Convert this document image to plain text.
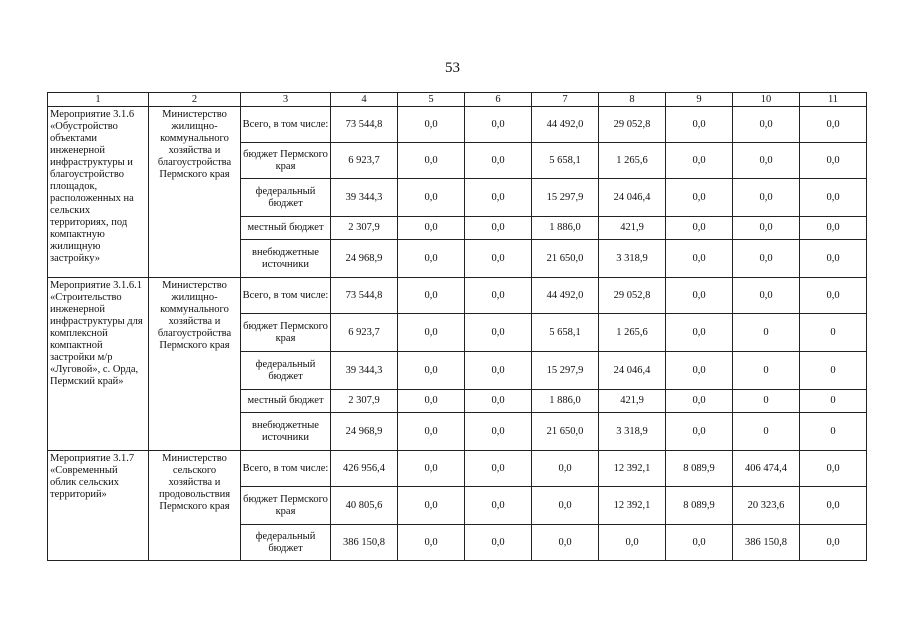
53
1	2	3	4	5	6	7	8	9	10	11
Мероприятие 3.1.6 «Обустройство объектами инженерной инфраструктуры и благоустройство площадок, расположенных на сельских территориях, под компактную жилищную застройку»	Министерство жилищно-коммунального хозяйства и благоустройства Пермского края	Всего, в том числе:	73 544,8	0,0	0,0	44 492,0	29 052,8	0,0	0,0	0,0
		бюджет Пермского края	6 923,7	0,0	0,0	5 658,1	1 265,6	0,0	0,0	0,0
		федеральный бюджет	39 344,3	0,0	0,0	15 297,9	24 046,4	0,0	0,0	0,0
		местный бюджет	2 307,9	0,0	0,0	1 886,0	421,9	0,0	0,0	0,0
		внебюджетные источники	24 968,9	0,0	0,0	21 650,0	3 318,9	0,0	0,0	0,0
Мероприятие 3.1.6.1 «Строительство инженерной инфраструктуры для комплексной компактной застройки м/р «Луговой», с. Орда, Пермский край»	Министерство жилищно-коммунального хозяйства и благоустройства Пермского края	Всего, в том числе:	73 544,8	0,0	0,0	44 492,0	29 052,8	0,0	0,0	0,0
		бюджет Пермского края	6 923,7	0,0	0,0	5 658,1	1 265,6	0,0	0	0
		федеральный бюджет	39 344,3	0,0	0,0	15 297,9	24 046,4	0,0	0	0
		местный бюджет	2 307,9	0,0	0,0	1 886,0	421,9	0,0	0	0
		внебюджетные источники	24 968,9	0,0	0,0	21 650,0	3 318,9	0,0	0	0
Мероприятие 3.1.7 «Современный облик сельских территорий»	Министерство сельского хозяйства и продовольствия Пермского края	Всего, в том числе:	426 956,4	0,0	0,0	0,0	12 392,1	8 089,9	406 474,4	0,0
		бюджет Пермского края	40 805,6	0,0	0,0	0,0	12 392,1	8 089,9	20 323,6	0,0
		федеральный бюджет	386 150,8	0,0	0,0	0,0	0,0	0,0	386 150,8	0,0
